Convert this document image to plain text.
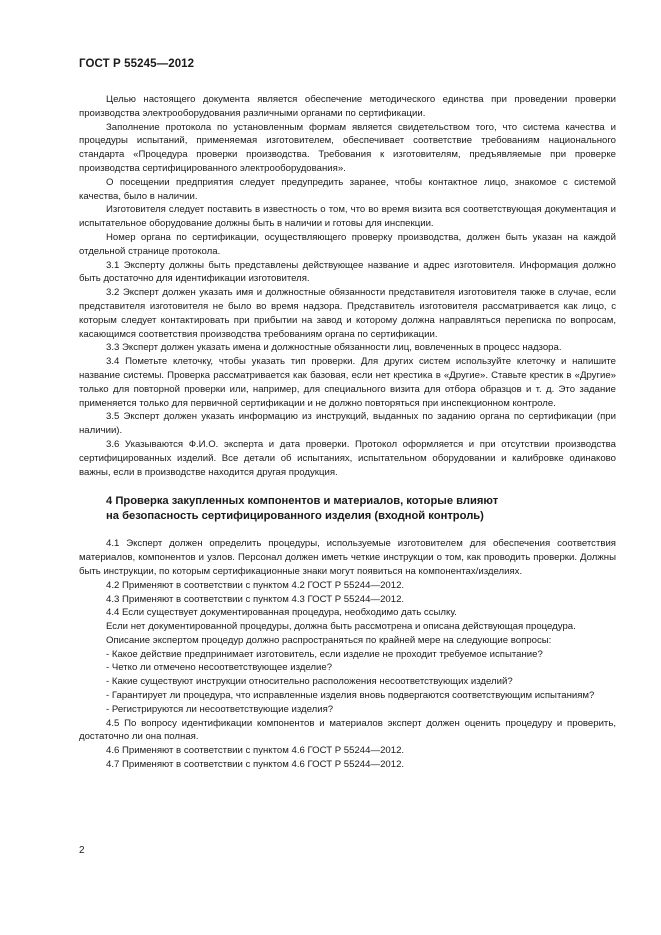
ГОСТ Р 55245—2012

Целью настоящего документа является обеспечение методического единства при проведении проверки производства электрооборудования различными органами по сертификации.

Заполнение протокола по установленным формам является свидетельством того, что система качества и процедуры испытаний, применяемая изготовителем, обеспечивает соответствие требованиям национального стандарта «Процедура проверки производства. Требования к изготовителям, предъявляемые при проверке производства сертифицированного электрооборудования».

О посещении предприятия следует предупредить заранее, чтобы контактное лицо, знакомое с системой качества, было в наличии.

Изготовителя следует поставить в известность о том, что во время визита вся соответствующая документация и испытательное оборудование должны быть в наличии и готовы для инспекции.

Номер органа по сертификации, осуществляющего проверку производства, должен быть указан на каждой отдельной странице протокола.

3.1 Эксперту должны быть представлены действующее название и адрес изготовителя. Информация должно быть достаточно для идентификации изготовителя.

3.2 Эксперт должен указать имя и должностные обязанности представителя изготовителя также в случае, если представителя изготовителя не было во время надзора. Представитель изготовителя рассматривается как лицо, с которым следует контактировать при прибытии на завод и которому должна направляться переписка по вопросам, касающимся соответствия производства требованиям органа по сертификации.

3.3 Эксперт должен указать имена и должностные обязанности лиц, вовлеченных в процесс надзора.

3.4 Пометьте клеточку, чтобы указать тип проверки. Для других систем используйте клеточку и напишите название системы. Проверка рассматривается как базовая, если нет крестика в «Другие». Ставьте крестик в «Другие» только для повторной проверки или, например, для специального визита для отбора образцов и т. д. Это задание применяется только для первичной сертификации и не должно повторяться при инспекционном контроле.

3.5 Эксперт должен указать информацию из инструкций, выданных по заданию органа по сертификации (при наличии).

3.6 Указываются Ф.И.О. эксперта и дата проверки. Протокол оформляется и при отсутствии производства сертифицированных изделий. Все детали об испытаниях, испытательном оборудовании и калибровке одинаково важны, если в производстве находится другая продукция.

4 Проверка закупленных компонентов и материалов, которые влияют
на безопасность сертифицированного изделия (входной контроль)

4.1 Эксперт должен определить процедуры, используемые изготовителем для обеспечения соответствия материалов, компонентов и узлов. Персонал должен иметь четкие инструкции о том, как проводить проверки. Должны быть инструкции, по которым сертификационные знаки могут появиться на компонентах/изделиях.

4.2 Применяют в соответствии с пунктом 4.2 ГОСТ Р 55244—2012.

4.3 Применяют в соответствии с пунктом 4.3 ГОСТ Р 55244—2012.

4.4 Если существует документированная процедура, необходимо дать ссылку.

Если нет документированной процедуры, должна быть рассмотрена и описана действующая процедура.

Описание экспертом процедур должно распространяться по крайней мере на следующие вопросы:

- Какое действие предпринимает изготовитель, если изделие не проходит требуемое испытание?

- Четко ли отмечено несоответствующее изделие?

- Какие существуют инструкции относительно расположения несоответствующих изделий?

- Гарантирует ли процедура, что исправленные изделия вновь подвергаются соответствующим испытаниям?

- Регистрируются ли несоответствующие изделия?

4.5 По вопросу идентификации компонентов и материалов эксперт должен оценить процедуру и проверить, достаточно ли она полная.

4.6 Применяют в соответствии с пунктом 4.6 ГОСТ Р 55244—2012.

4.7 Применяют в соответствии с пунктом 4.6 ГОСТ Р 55244—2012.

2
